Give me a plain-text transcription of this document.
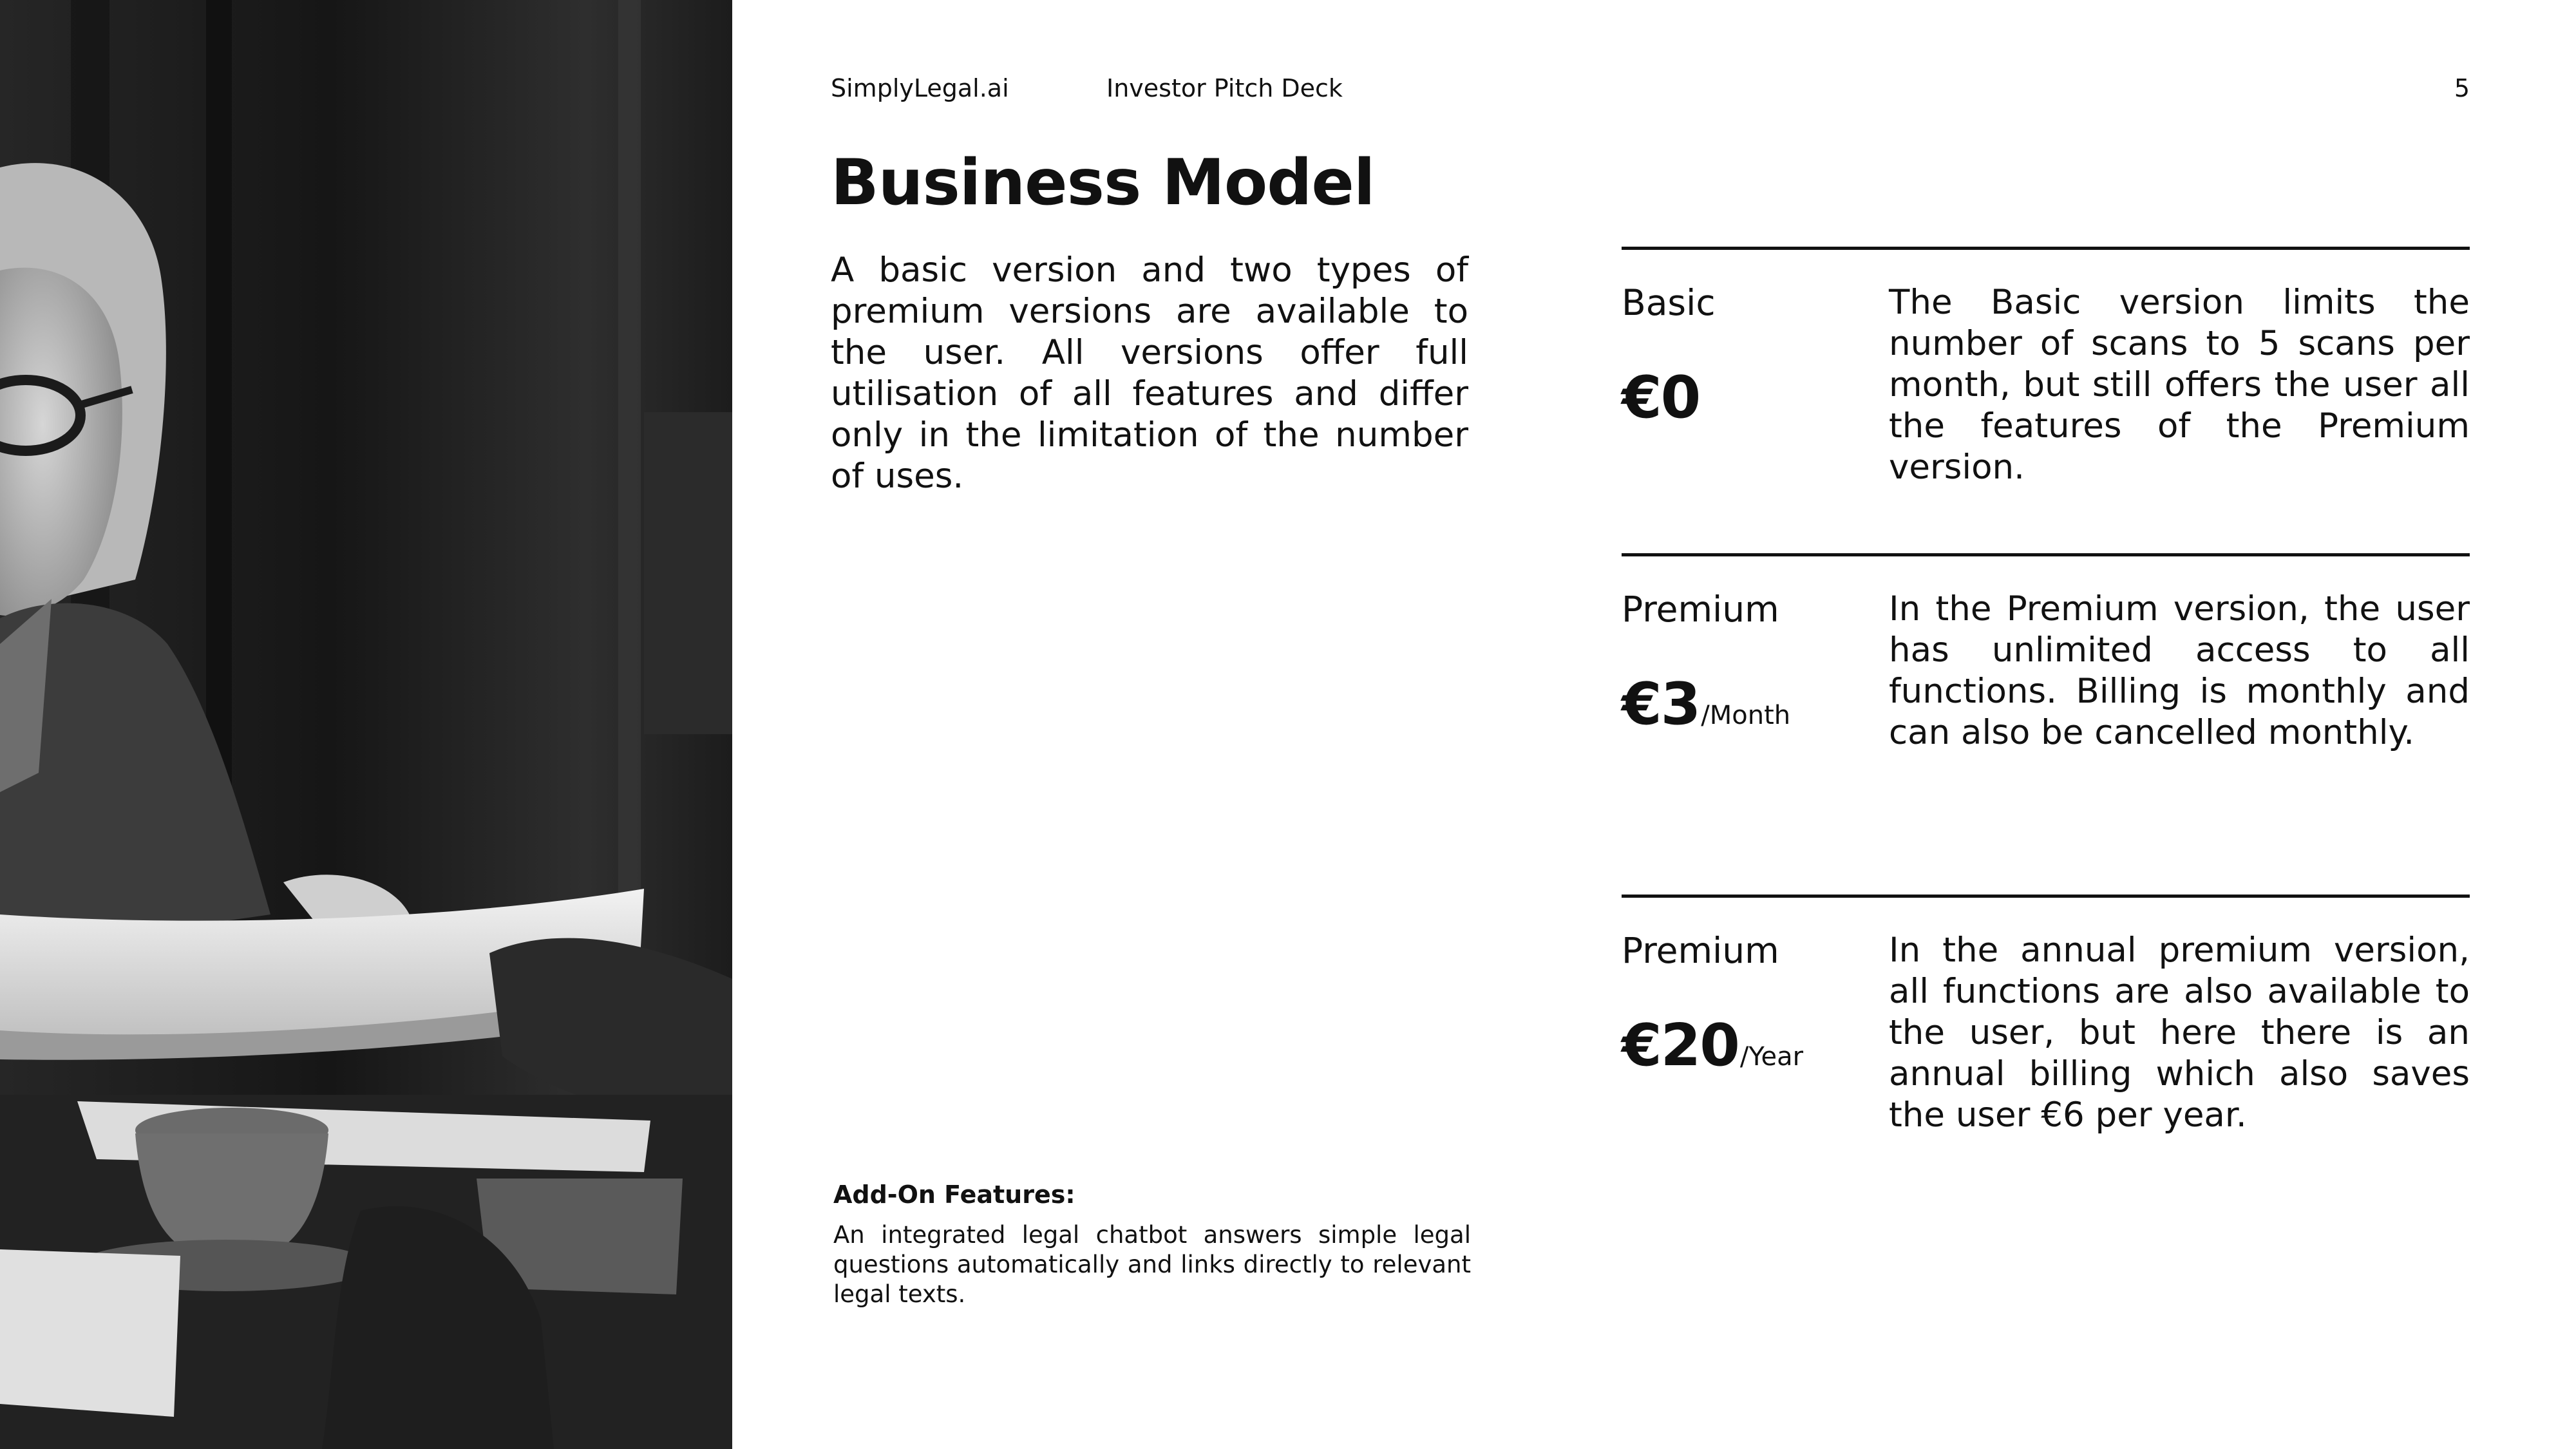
SimplyLegal.ai	Investor Pitch Deck	5
Business Model

A basic version and two types of premium versions are available to the user. All versions offer full utilisation of all features and differ only in the limitation of the number of uses.

Basic
€0

The Basic version limits the number of scans to 5 scans per month, but still offers the user all the features of the Premium version.

Premium
€3/Month

In the Premium version, the user has unlimited access to all functions. Billing is monthly and can also be cancelled monthly.

Premium
€20/Year

In the annual premium version, all functions are also available to the user, but here there is an annual billing which also saves the user €6 per year.

Add-On Features:

An integrated legal chatbot answers simple legal questions automatically and links directly to relevant legal texts.
